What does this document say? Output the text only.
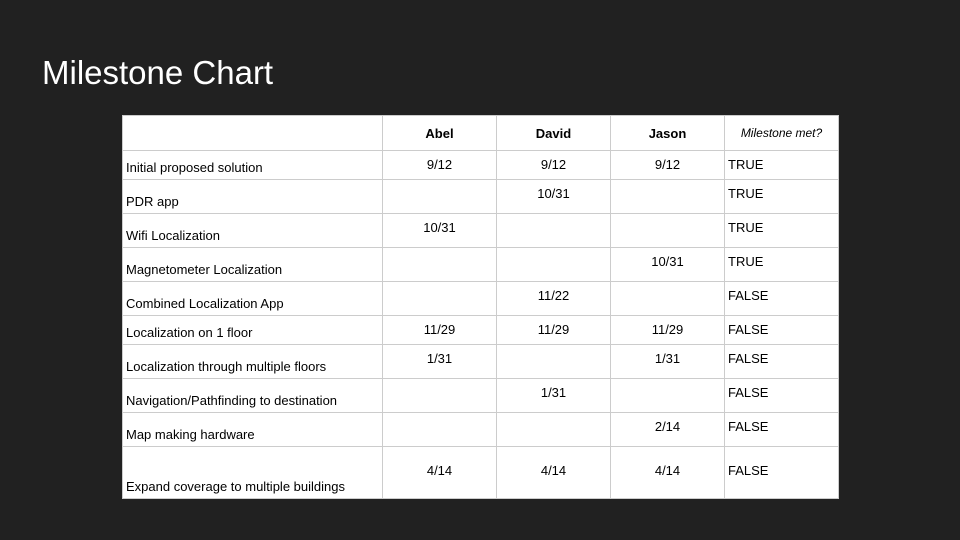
Milestone Chart
	Abel	David	Jason	Milestone met?
Initial proposed solution	9/12	9/12	9/12	TRUE
PDR app		10/31		TRUE
Wifi Localization	10/31			TRUE
Magnetometer Localization			10/31	TRUE
Combined Localization App		11/22		FALSE
Localization on 1 floor	11/29	11/29	11/29	FALSE
Localization through multiple floors	1/31		1/31	FALSE
Navigation/Pathfinding to destination		1/31		FALSE
Map making hardware			2/14	FALSE
Expand coverage to multiple buildings	4/14	4/14	4/14	FALSE
